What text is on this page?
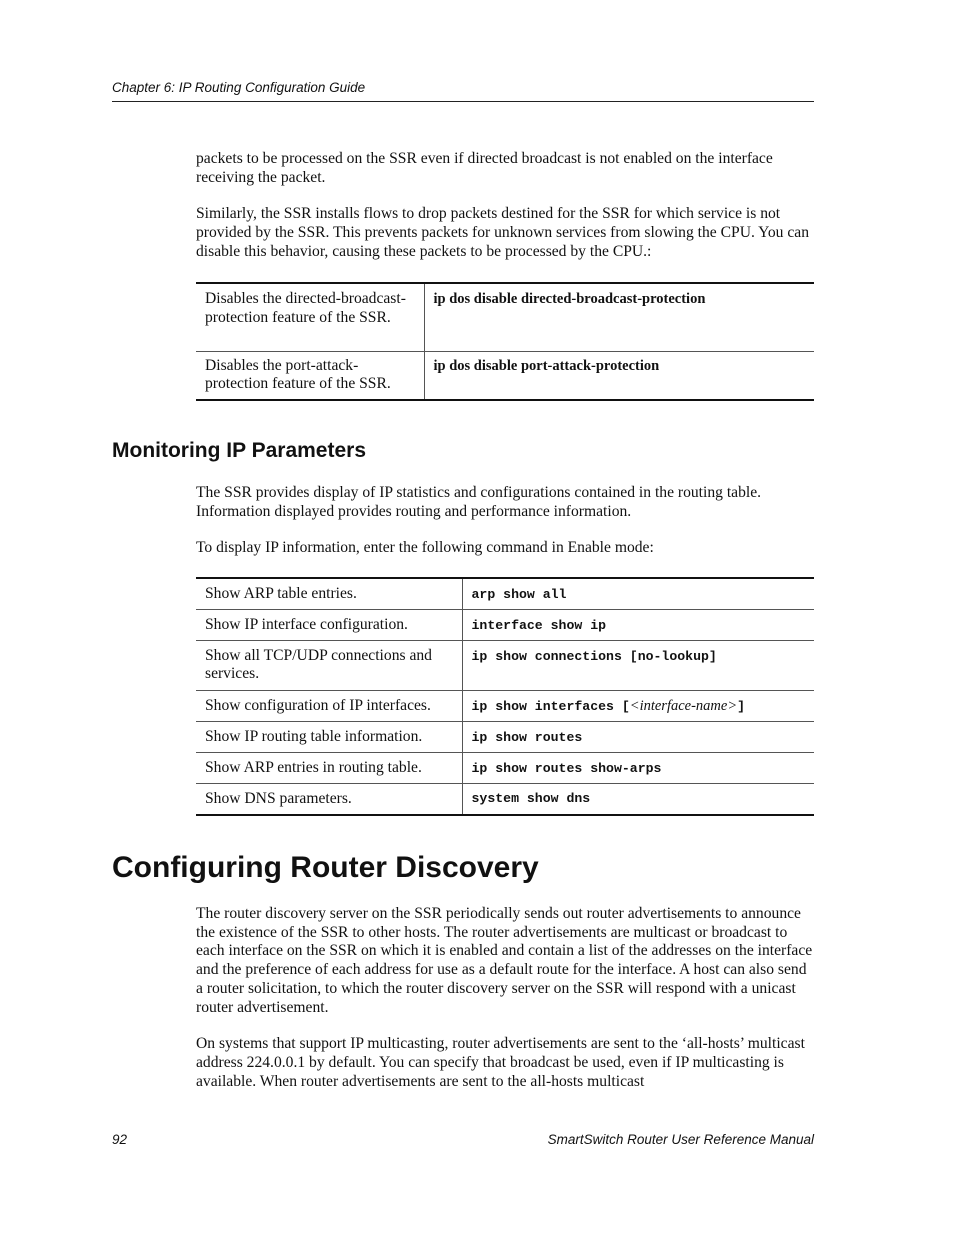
Chapter 6: IP Routing Configuration Guide

packets to be processed on the SSR even if directed broadcast is not enabled on the interface receiving the packet.

Similarly, the SSR installs flows to drop packets destined for the SSR for which service is not provided by the SSR. This prevents packets for unknown services from slowing the CPU. You can disable this behavior, causing these packets to be processed by the CPU.:

Disables the directed-broadcast-protection feature of the SSR.	ip dos disable directed-broadcast-protection
Disables the port-attack-protection feature of the SSR.	ip dos disable port-attack-protection
Monitoring IP Parameters

The SSR provides display of IP statistics and configurations contained in the routing table. Information displayed provides routing and performance information.

To display IP information, enter the following command in Enable mode:

Show ARP table entries.	arp show all
Show IP interface configuration.	interface show ip
Show all TCP/UDP connections and services.	ip show connections [no-lookup]
Show configuration of IP interfaces.	ip show interfaces [<interface-name>]
Show IP routing table information.	ip show routes
Show ARP entries in routing table.	ip show routes show-arps
Show DNS parameters.	system show dns
Configuring Router Discovery

The router discovery server on the SSR periodically sends out router advertisements to announce the existence of the SSR to other hosts. The router advertisements are multicast or broadcast to each interface on the SSR on which it is enabled and contain a list of the addresses on the interface and the preference of each address for use as a default route for the interface. A host can also send a router solicitation, to which the router discovery server on the SSR will respond with a unicast router advertisement.

On systems that support IP multicasting, router advertisements are sent to the ‘all-hosts’ multicast address 224.0.0.1 by default. You can specify that broadcast be used, even if IP multicasting is available. When router advertisements are sent to the all-hosts multicast

92	SmartSwitch Router User Reference Manual
